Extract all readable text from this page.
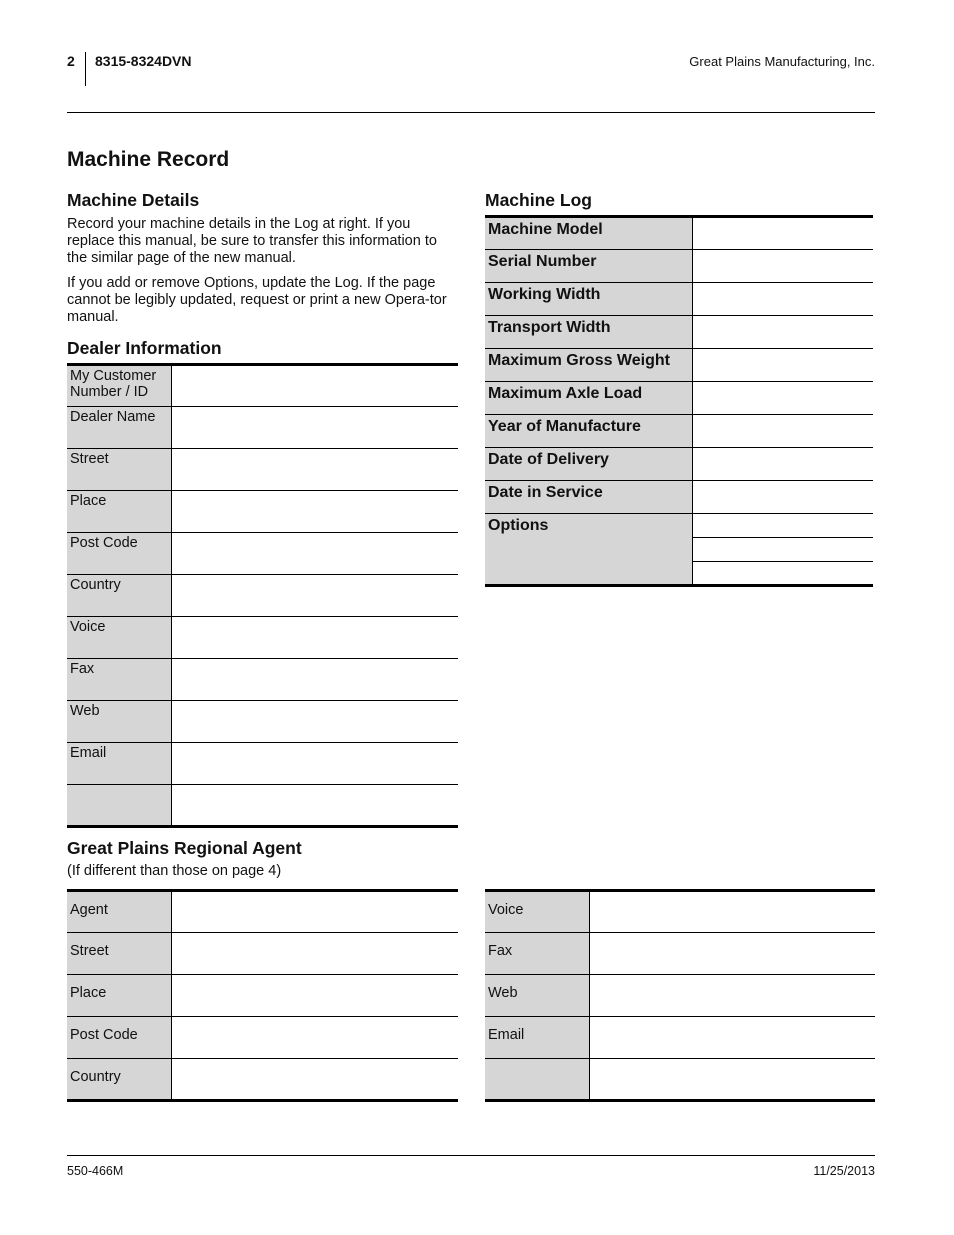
2 8315-8324DVN	Great Plains Manufacturing, Inc.
Machine Record
Machine Details

Record your machine details in the Log at right. If you replace this manual, be sure to transfer this information to the similar page of the new manual.

If you add or remove Options, update the Log. If the page cannot be legibly updated, request or print a new Opera-tor manual.

Dealer Information
My Customer Number / ID	
Dealer Name	
Street	
Place	
Post Code	
Country	
Voice	
Fax	
Web	
Email	

Machine Log
Machine Model	
Serial Number	
Working Width	
Transport Width	
Maximum Gross Weight	
Maximum Axle Load	
Year of Manufacture	
Date of Delivery	
Date in Service	
Options	

Great Plains Regional Agent
(If different than those on page 4)
Agent	
Street	
Place	
Post Code	
Country	
Voice	
Fax	
Web	
Email	

550-466M	11/25/2013
